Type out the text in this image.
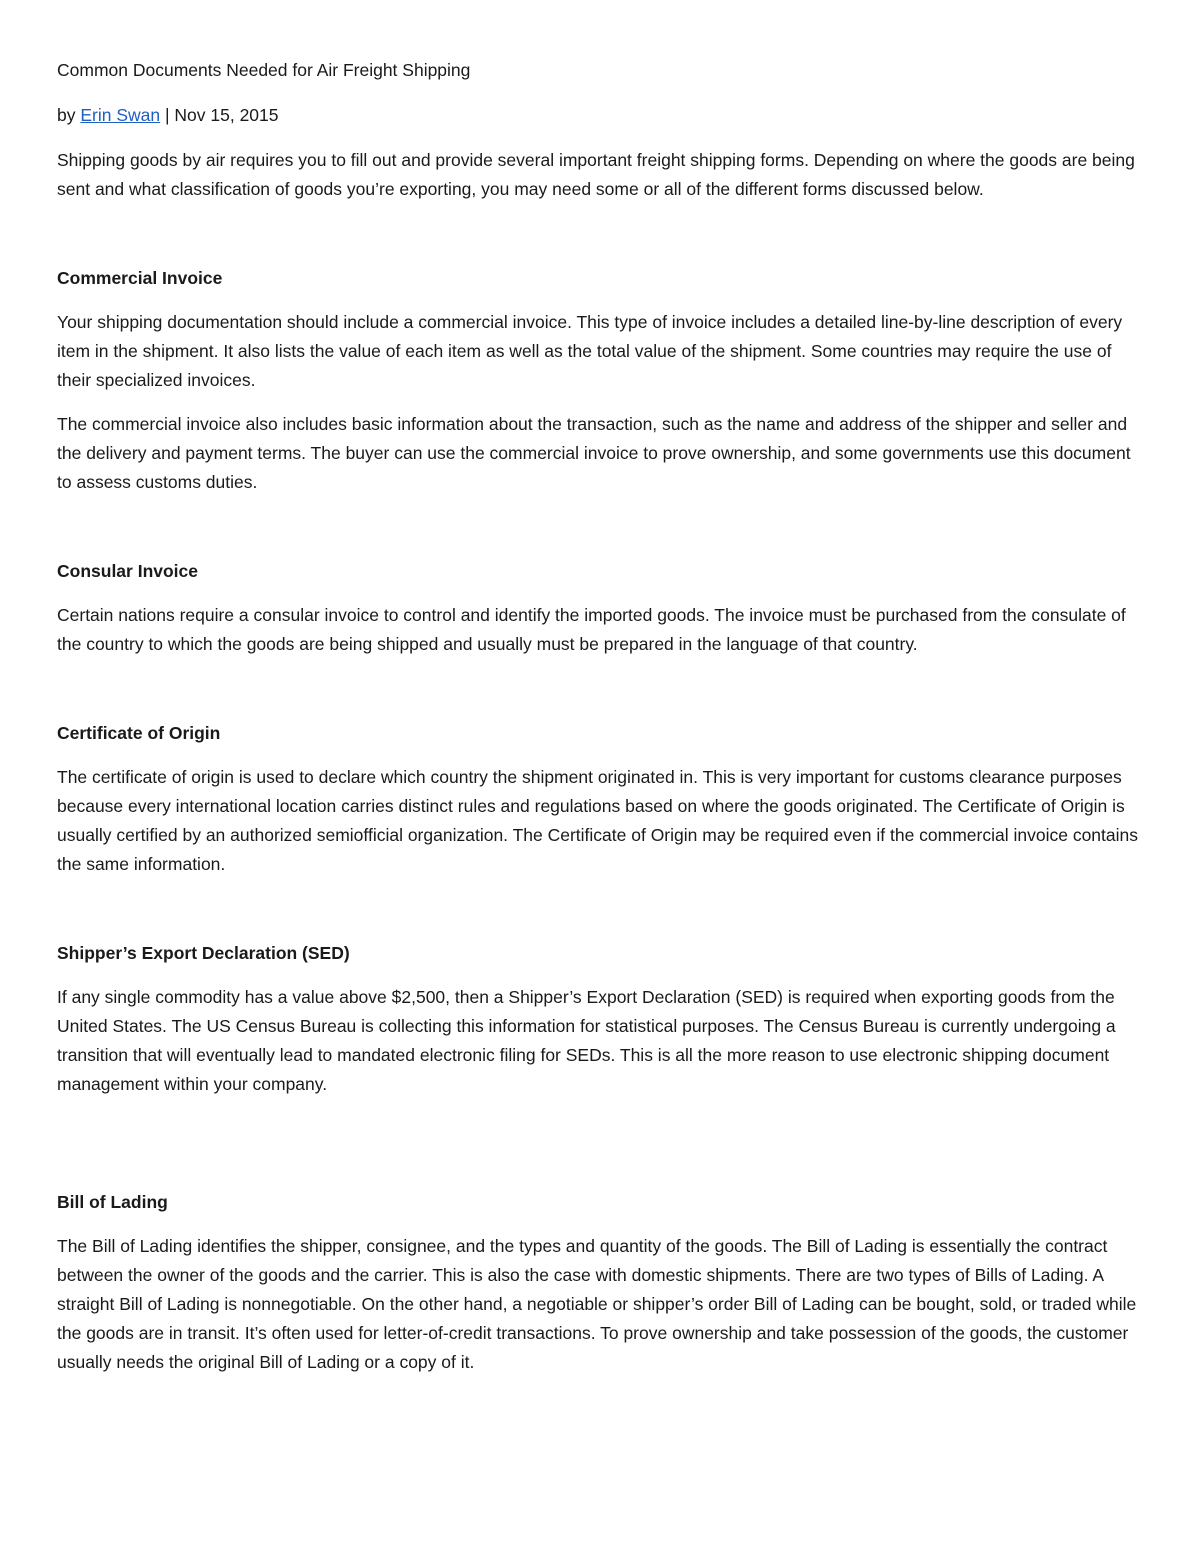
Common Documents Needed for Air Freight Shipping
by Erin Swan | Nov 15, 2015

Shipping goods by air requires you to fill out and provide several important freight shipping forms. Depending on where the goods are being sent and what classification of goods you’re exporting, you may need some or all of the different forms discussed below.

Commercial Invoice

Your shipping documentation should include a commercial invoice. This type of invoice includes a detailed line-by-line description of every item in the shipment. It also lists the value of each item as well as the total value of the shipment. Some countries may require the use of their specialized invoices.

The commercial invoice also includes basic information about the transaction, such as the name and address of the shipper and seller and the delivery and payment terms. The buyer can use the commercial invoice to prove ownership, and some governments use this document to assess customs duties.

Consular Invoice

Certain nations require a consular invoice to control and identify the imported goods. The invoice must be purchased from the consulate of the country to which the goods are being shipped and usually must be prepared in the language of that country.

Certificate of Origin

The certificate of origin is used to declare which country the shipment originated in. This is very important for customs clearance purposes because every international location carries distinct rules and regulations based on where the goods originated. The Certificate of Origin is usually certified by an authorized semiofficial organization. The Certificate of Origin may be required even if the commercial invoice contains the same information.

Shipper’s Export Declaration (SED)

If any single commodity has a value above $2,500, then a Shipper’s Export Declaration (SED) is required when exporting goods from the United States. The US Census Bureau is collecting this information for statistical purposes. The Census Bureau is currently undergoing a transition that will eventually lead to mandated electronic filing for SEDs. This is all the more reason to use electronic shipping document management within your company.

Bill of Lading

The Bill of Lading identifies the shipper, consignee, and the types and quantity of the goods. The Bill of Lading is essentially the contract between the owner of the goods and the carrier. This is also the case with domestic shipments. There are two types of Bills of Lading. A straight Bill of Lading is nonnegotiable. On the other hand, a negotiable or shipper’s order Bill of Lading can be bought, sold, or traded while the goods are in transit. It’s often used for letter-of-credit transactions. To prove ownership and take possession of the goods, the customer usually needs the original Bill of Lading or a copy of it.
